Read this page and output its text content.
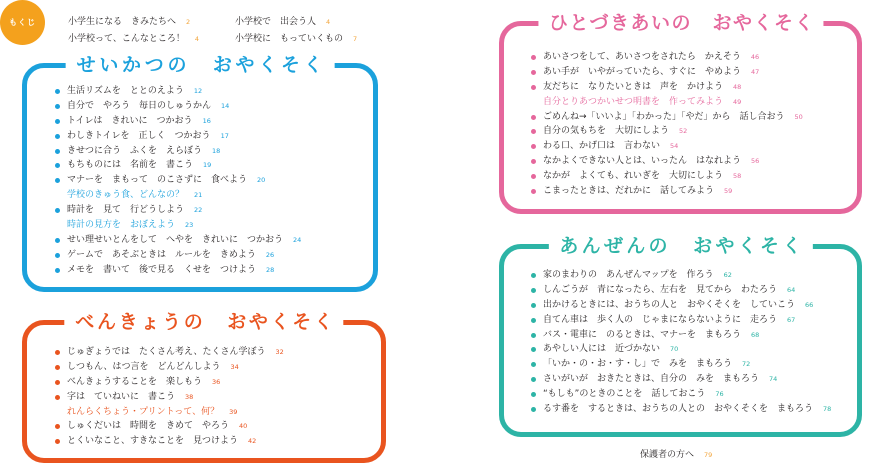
もくじ	小学生になる　きみたちへ 2
小学校って、こんなところ！ 4
小学校で　出会う人 4
小学校に　もっていくもの 7
せいかつの　おやくそく
生活リズムを　ととのえよう 12
自分で　やろう　毎日のしゅうかん 14
トイレは　きれいに　つかおう 16
わしきトイレを　正しく　つかおう 17
きせつに合う　ふくを　えらぼう 18
もちものには　名前を　書こう 19
マナーを　まもって　のこさずに　食べよう 20
学校のきゅう食、どんなの？ 21
時計を　見て　行どうしよう 22
時計の見方を　おぼえよう 23
せい理せいとんをして　へやを　きれいに　つかおう 24
ゲームで　あそぶときは　ルールを　きめよう 26
メモを　書いて　後で見る　くせを　つけよう 28
べんきょうの　おやくそく
じゅぎょうでは　たくさん考え、たくさん学ぼう 32
しつもん、はつ言を　どんどんしよう 34
べんきょうすることを　楽しもう 36
字は　ていねいに　書こう 38
れんらくちょう・プリントって、何？ 39
しゅくだいは　時間を　きめて　やろう 40
とくいなこと、すきなことを　見つけよう 42
ひとづきあいの　おやくそく
あいさつをして、あいさつをされたら　かえそう 46
あい手が　いやがっていたら、すぐに　やめよう 47
友だちに　なりたいときは　声を　かけよう 48
自分とりあつかいせつ明書を　作ってみよう 49
ごめんね→「いいよ」「わかった」「やだ」から　話し合おう 50
自分の気もちを　大切にしよう 52
わる口、かげ口は　言わない 54
なかよくできない人とは、いったん　はなれよう 56
なかが　よくても、れいぎを　大切にしよう 58
こまったときは、だれかに　話してみよう 59
あんぜんの　おやくそく
家のまわりの　あんぜんマップを　作ろう 62
しんごうが　青になったら、左右を　見てから　わたろう 64
出かけるときには、おうちの人と　おやくそくを　していこう 66
自てん車は　歩く人の　じゃまにならないように　走ろう 67
バス・電車に　のるときは、マナーを　まもろう 68
あやしい人には　近づかない 70
「いか・の・お・す・し」で　みを　まもろう 72
さいがいが　おきたときは、自分の　みを　まもろう 74
“もしも”のときのことを　話しておこう 76
るす番を　するときは、おうちの人との　おやくそくを　まもろう 78
保護者の方へ 79
